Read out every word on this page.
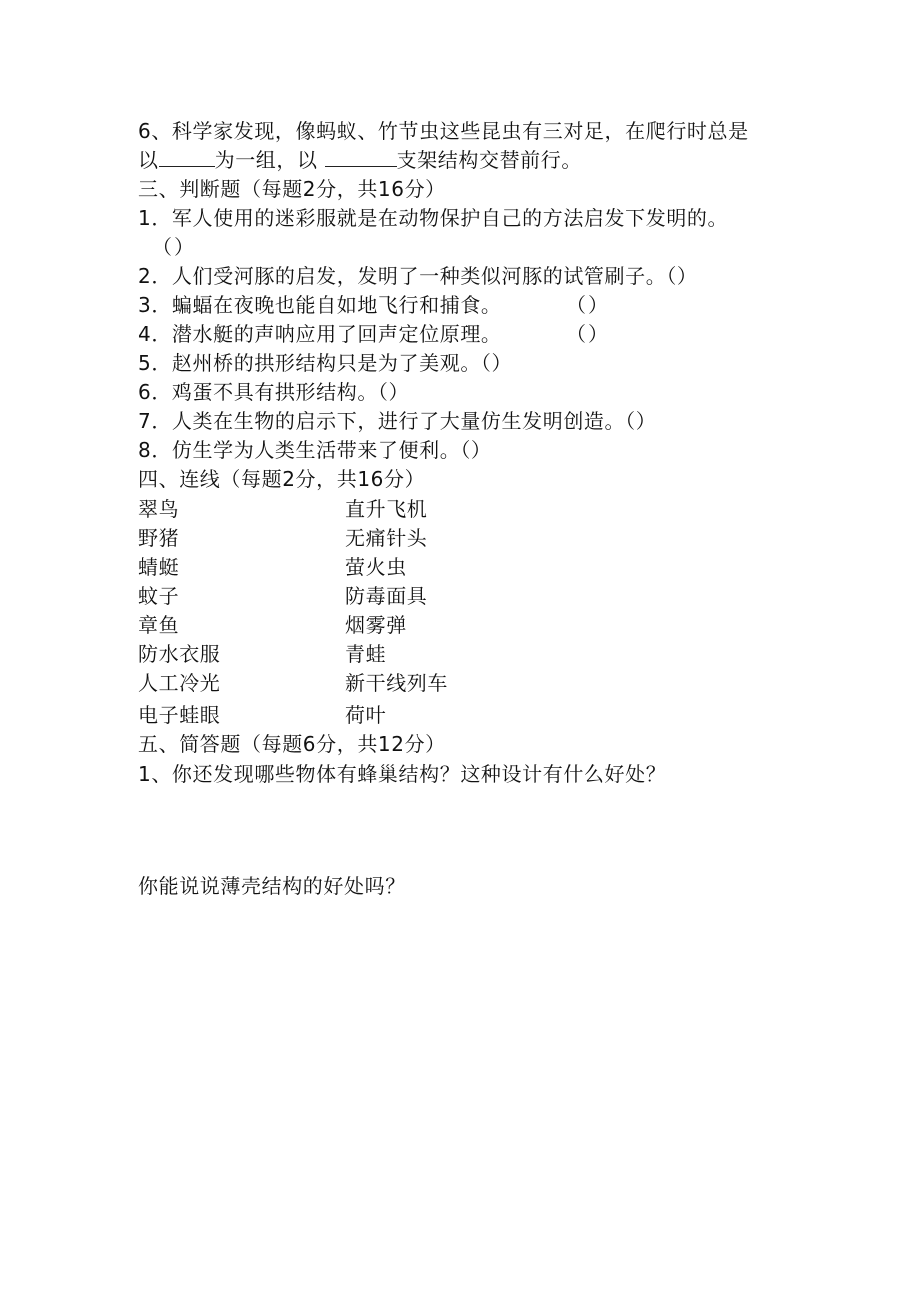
6、科学家发现，像蚂蚁、竹节虫这些昆虫有三对足，在爬行时总是
以	为一组，以	支架结构交替前行。
三、判断题（每题2分，共16分）
1．军人使用的迷彩服就是在动物保护自己的方法启发下发明的。
（）
2．人们受河豚的启发，发明了一种类似河豚的试管刷子。（）
3．蝙蝠在夜晚也能自如地飞行和捕食。	（）
4．潜水艇的声呐应用了回声定位原理。	（）
5．赵州桥的拱形结构只是为了美观。（）
6．鸡蛋不具有拱形结构。（）
7．人类在生物的启示下，进行了大量仿生发明创造。（）
8．仿生学为人类生活带来了便利。（）
四、连线（每题2分，共16分）
翠鸟	直升飞机
野猪	无痛针头
蜻蜓	萤火虫
蚊子	防毒面具
章鱼	烟雾弹
防水衣服	青蛙
人工冷光	新干线列车
电子蛙眼	荷叶
五、简答题（每题6分，共12分）
1、你还发现哪些物体有蜂巢结构？这种设计有什么好处？
你能说说薄壳结构的好处吗？
